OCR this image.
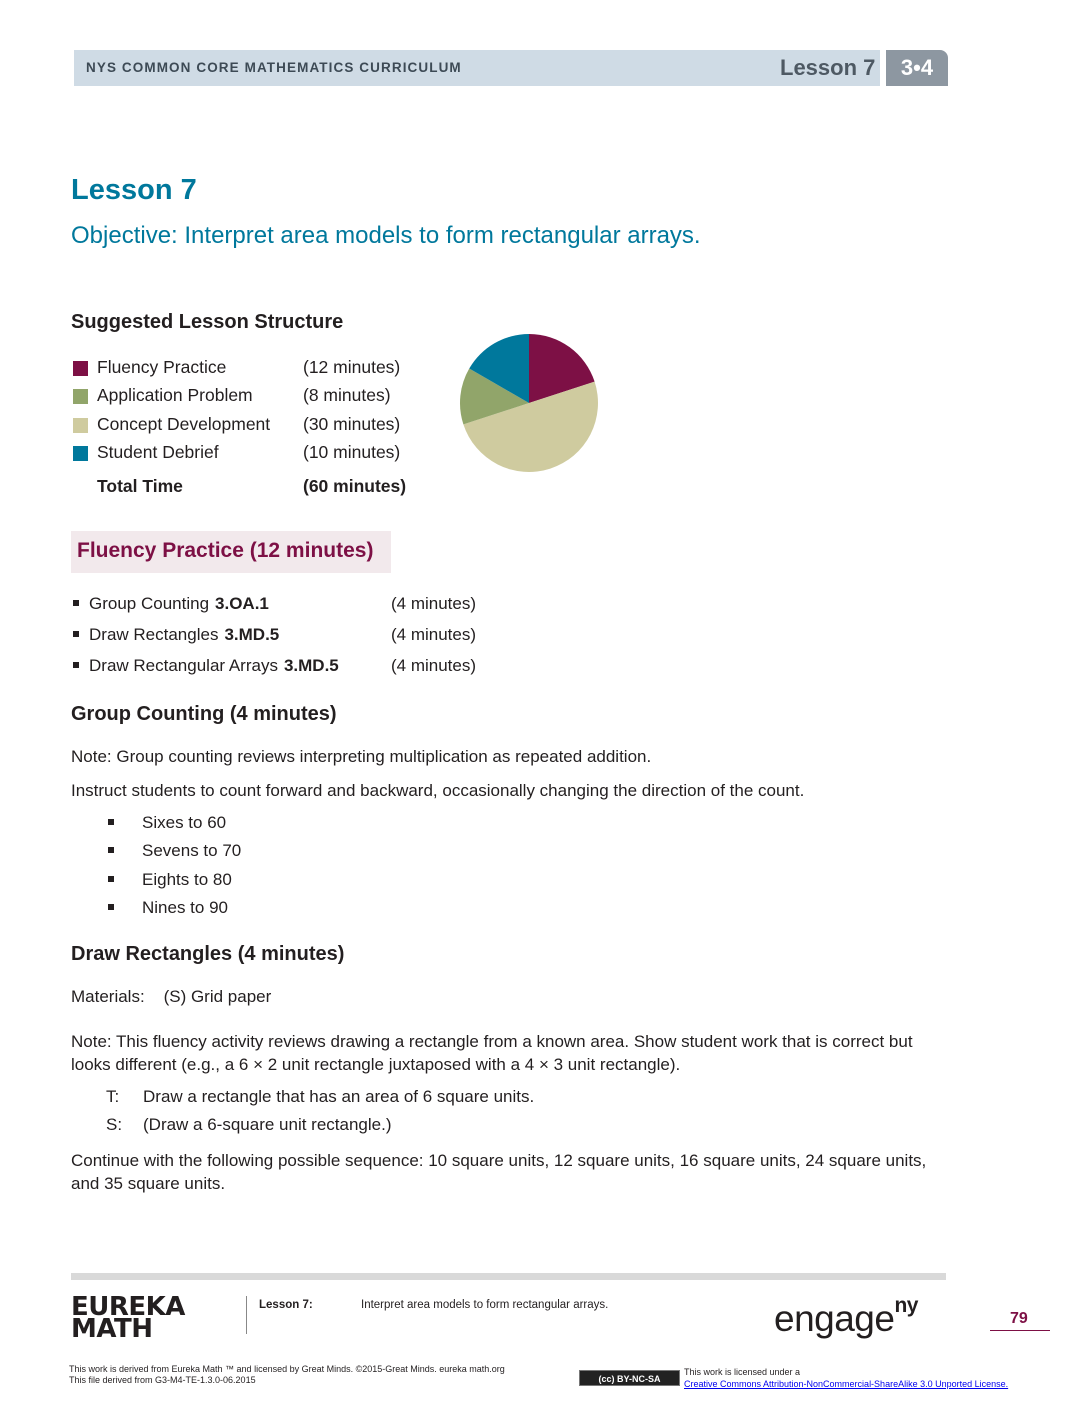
NYS COMMON CORE MATHEMATICS CURRICULUM	Lesson 7	3•4
Lesson 7
Objective: Interpret area models to form rectangular arrays.
Suggested Lesson Structure
Fluency Practice	(12 minutes)
Application Problem	(8 minutes)
Concept Development (30 minutes)
Student Debrief	(10 minutes)
Total Time	(60 minutes)
Fluency Practice (12 minutes)
Group Counting 3.OA.1	(4 minutes)
Draw Rectangles 3.MD.5	(4 minutes)
Draw Rectangular Arrays 3.MD.5	(4 minutes)
Group Counting (4 minutes)
Note: Group counting reviews interpreting multiplication as repeated addition.
Instruct students to count forward and backward, occasionally changing the direction of the count.
Sixes to 60
Sevens to 70
Eights to 80
Nines to 90
Draw Rectangles (4 minutes)
Materials:    (S) Grid paper
Note: This fluency activity reviews drawing a rectangle from a known area. Show student work that is correct but looks different (e.g., a 6 × 2 unit rectangle juxtaposed with a 4 × 3 unit rectangle).
T: Draw a rectangle that has an area of 6 square units.
S: (Draw a 6-square unit rectangle.)
Continue with the following possible sequence: 10 square units, 12 square units, 16 square units, 24 square units, and 35 square units.
EUREKA
MATH
Lesson 7:	Interpret area models to form rectangular arrays.	engage$^{ny}$
79
This work is derived from Eureka Math ™ and licensed by Great Minds. ©2015-Great Minds. eureka math.org
This file derived from G3-M4-TE-1.3.0-06.2015	(cc) BY-NC-SA
This work is licensed under a
Creative Commons Attribution-NonCommercial-ShareAlike 3.0 Unported License.
